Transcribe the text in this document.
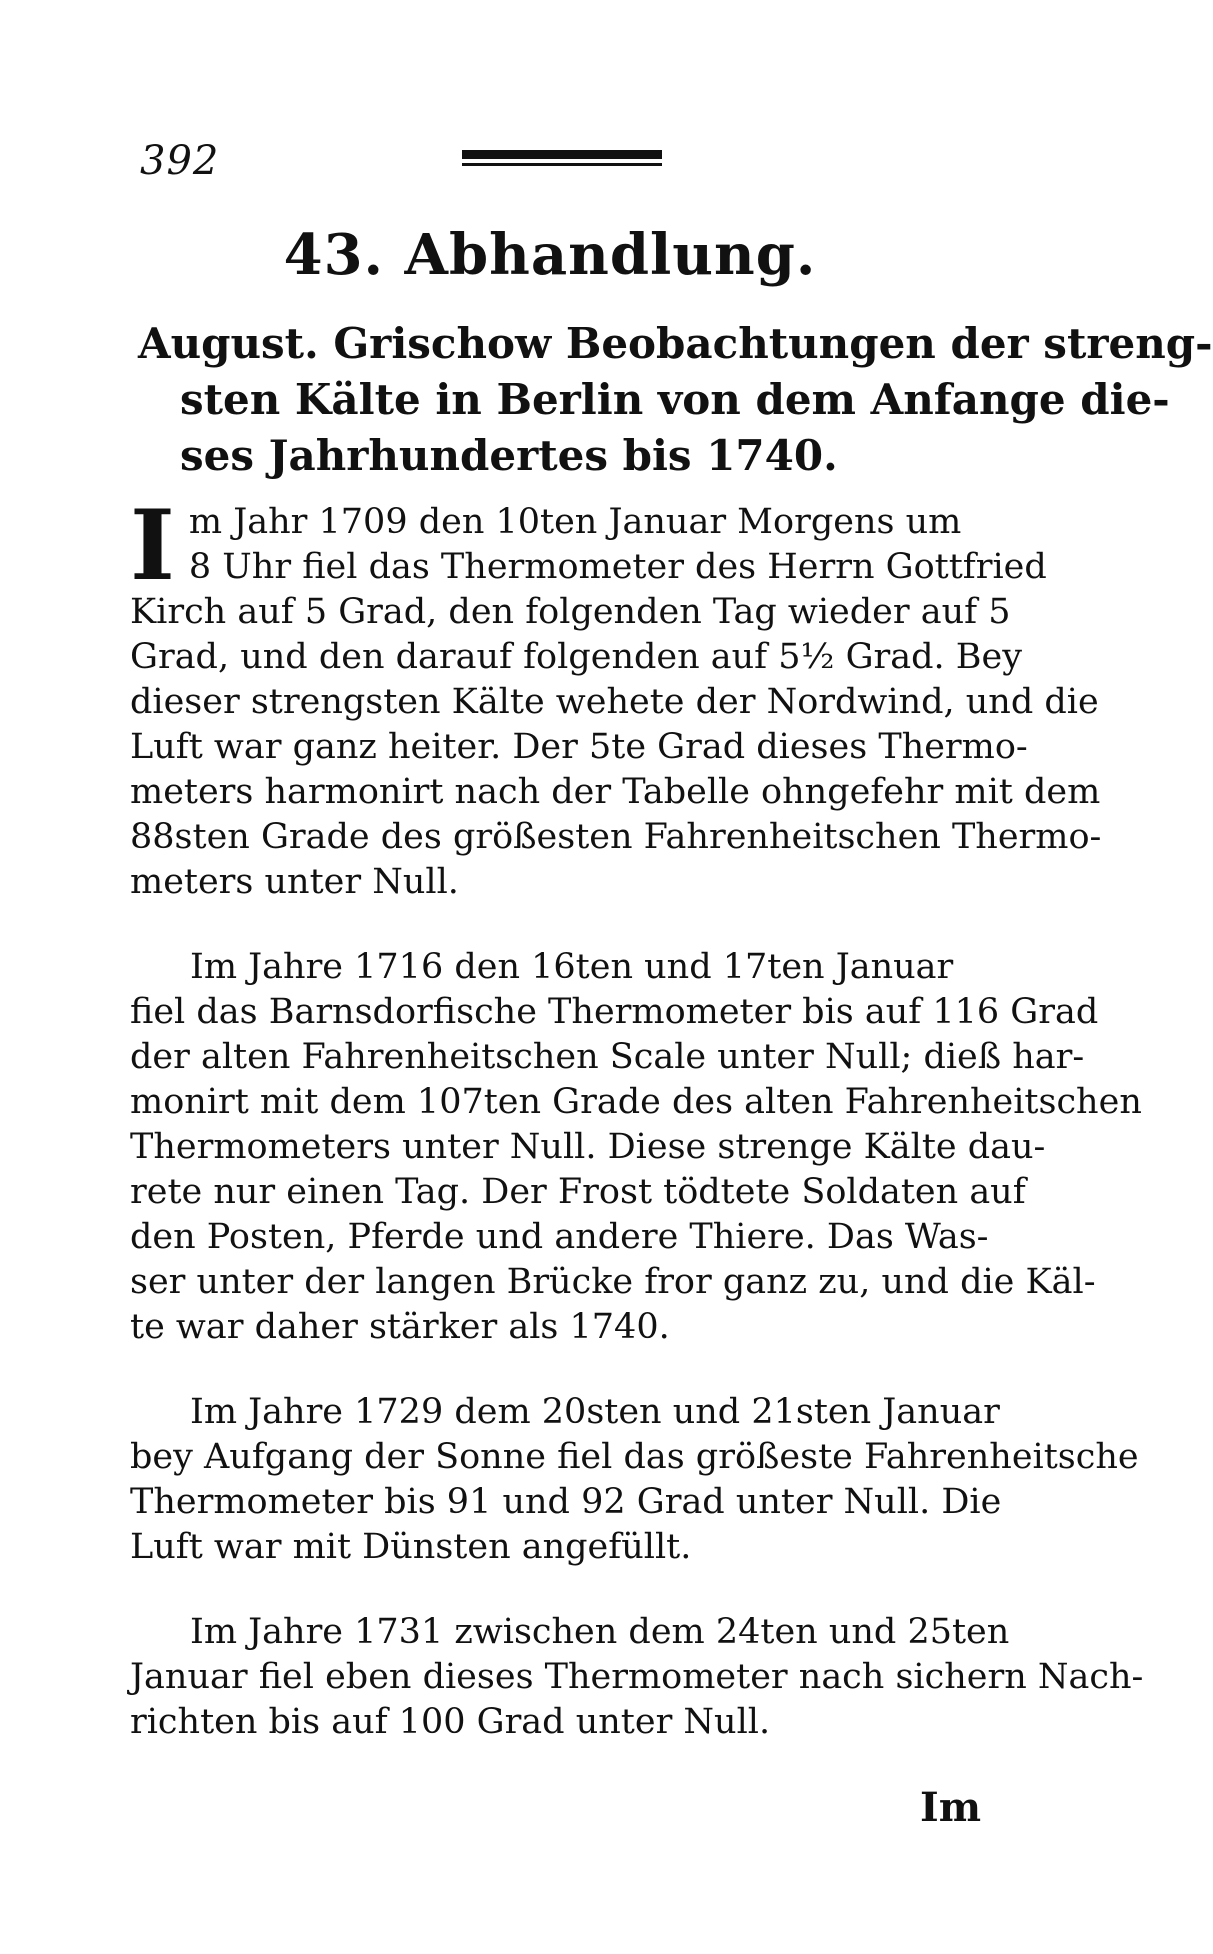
392
43. Abhandlung.
August. Grischow Beobachtungen der streng-
sten Kälte in Berlin von dem Anfange die-
ses Jahrhundertes bis 1740.
I m Jahr 1709 den 10ten Januar Morgens um
8 Uhr fiel das Thermometer des Herrn Gottfried
Kirch auf 5 Grad, den folgenden Tag wieder auf 5
Grad, und den darauf folgenden auf 5½ Grad. Bey
dieser strengsten Kälte wehete der Nordwind, und die
Luft war ganz heiter. Der 5te Grad dieses Thermo-
meters harmonirt nach der Tabelle ohngefehr mit dem
88sten Grade des größesten Fahrenheitschen Thermo-
meters unter Null.
Im Jahre 1716 den 16ten und 17ten Januar
fiel das Barnsdorfische Thermometer bis auf 116 Grad
der alten Fahrenheitschen Scale unter Null; dieß har-
monirt mit dem 107ten Grade des alten Fahrenheitschen
Thermometers unter Null. Diese strenge Kälte dau-
rete nur einen Tag. Der Frost tödtete Soldaten auf
den Posten, Pferde und andere Thiere. Das Was-
ser unter der langen Brücke fror ganz zu, und die Käl-
te war daher stärker als 1740.
Im Jahre 1729 dem 20sten und 21sten Januar
bey Aufgang der Sonne fiel das größeste Fahrenheitsche
Thermometer bis 91 und 92 Grad unter Null. Die
Luft war mit Dünsten angefüllt.
Im Jahre 1731 zwischen dem 24ten und 25ten
Januar fiel eben dieses Thermometer nach sichern Nach-
richten bis auf 100 Grad unter Null.
Im
